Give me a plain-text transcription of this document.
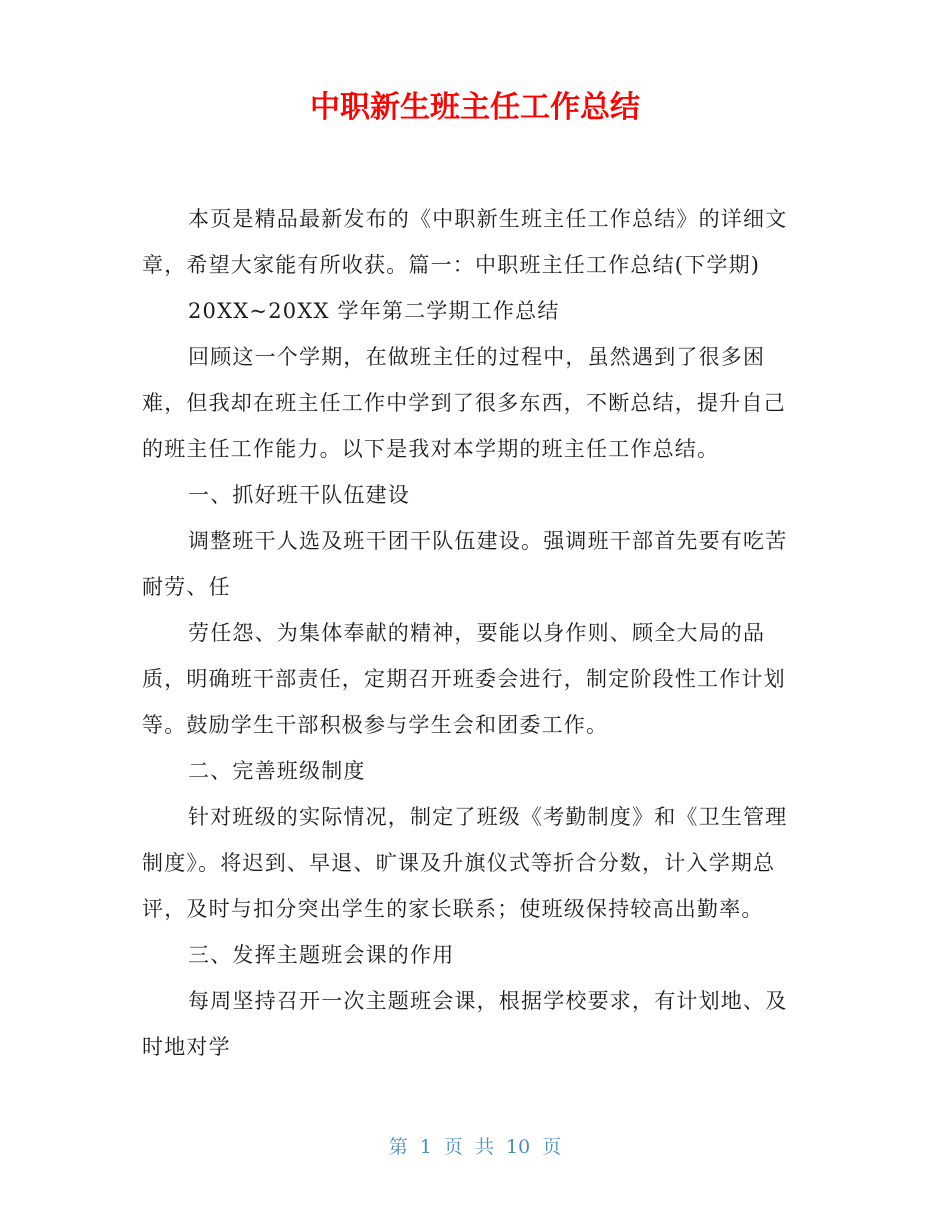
中职新生班主任工作总结

本页是精品最新发布的《中职新生班主任工作总结》的详细文章，希望大家能有所收获。篇一：中职班主任工作总结(下学期)

20XX~20XX 学年第二学期工作总结

回顾这一个学期，在做班主任的过程中，虽然遇到了很多困难，但我却在班主任工作中学到了很多东西，不断总结，提升自己的班主任工作能力。以下是我对本学期的班主任工作总结。

一、抓好班干队伍建设

调整班干人选及班干团干队伍建设。强调班干部首先要有吃苦耐劳、任

劳任怨、为集体奉献的精神，要能以身作则、顾全大局的品质，明确班干部责任，定期召开班委会进行，制定阶段性工作计划等。鼓励学生干部积极参与学生会和团委工作。

二、完善班级制度

针对班级的实际情况，制定了班级《考勤制度》和《卫生管理制度》。将迟到、早退、旷课及升旗仪式等折合分数，计入学期总评，及时与扣分突出学生的家长联系；使班级保持较高出勤率。

三、发挥主题班会课的作用

每周坚持召开一次主题班会课，根据学校要求，有计划地、及时地对学

第 1 页 共 10 页
